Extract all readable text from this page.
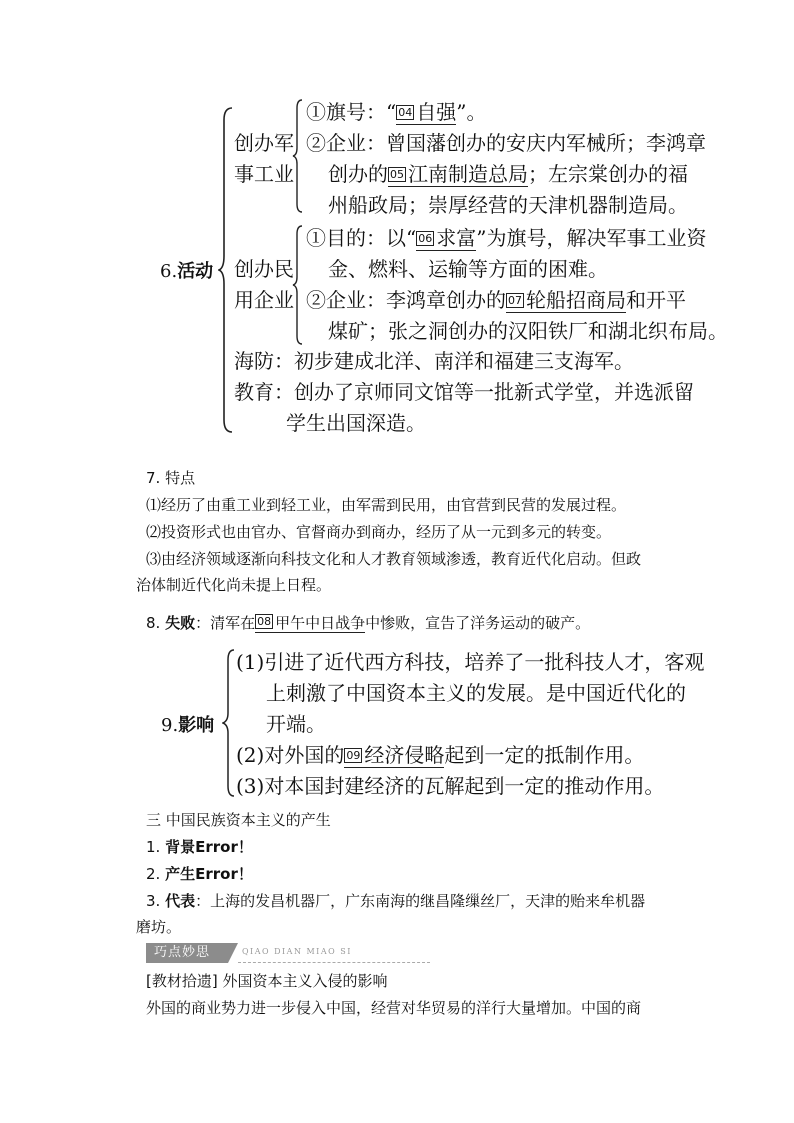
6.活动
创办军
事工业
①旗号：“ 04 自强”。
②企业：曾国藩创办的安庆内军械所；李鸿章
创办的 05 江南制造总局；左宗棠创办的福
州船政局；崇厚经营的天津机器制造局。
创办民
用企业
①目的：以“ 06 求富”为旗号，解决军事工业资
金、燃料、运输等方面的困难。
②企业：李鸿章创办的 07 轮船招商局和开平
煤矿；张之洞创办的汉阳铁厂和湖北织布局。
海防：初步建成北洋、南洋和福建三支海军。
教育：创办了京师同文馆等一批新式学堂，并选派留
学生出国深造。
7. 特点
⑴经历了由重工业到轻工业，由军需到民用，由官营到民营的发展过程。
⑵投资形式也由官办、官督商办到商办，经历了从一元到多元的转变。
⑶由经济领域逐渐向科技文化和人才教育领域渗透，教育近代化启动。但政
治体制近代化尚未提上日程。
8. 失败：清军在 08 甲午中日战争中惨败，宣告了洋务运动的破产。
9.影响
(1)引进了近代西方科技，培养了一批科技人才，客观
上刺激了中国资本主义的发展。是中国近代化的
开端。
(2)对外国的 09 经济侵略起到一定的抵制作用。
(3)对本国封建经济的瓦解起到一定的推动作用。
三 中国民族资本主义的产生
1. 背景Error！
2. 产生Error！
3. 代表：上海的发昌机器厂，广东南海的继昌隆缫丝厂，天津的贻来牟机器
磨坊。
巧点妙思	QIAO DIAN MIAO SI
[教材拾遗] 外国资本主义入侵的影响
外国的商业势力进一步侵入中国，经营对华贸易的洋行大量增加。中国的商
